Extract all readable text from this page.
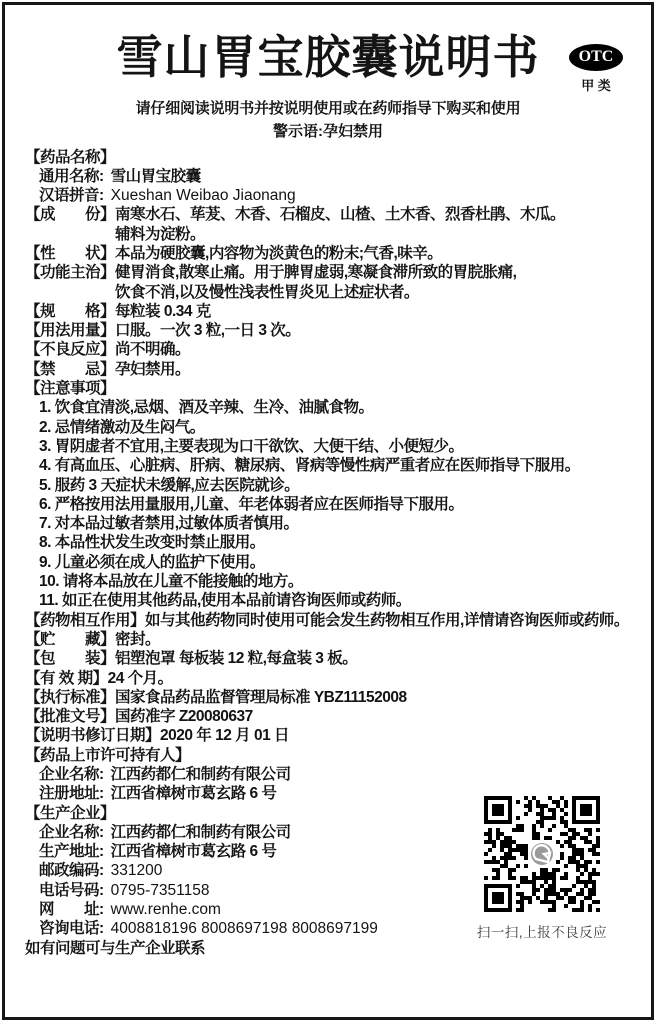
雪山胃宝胶囊说明书	OTC
甲 类
请仔细阅读说明书并按说明使用或在药师指导下购买和使用
警示语:孕妇禁用
【药品名称】
通用名称: 雪山胃宝胶囊
汉语拼音: Xueshan Weibao Jiaonang
【成　　份】 南寒水石、荜茇、木香、石榴皮、山楂、土木香、烈香杜鹃、木瓜。
辅料为淀粉。
【性　　状】 本品为硬胶囊,内容物为淡黄色的粉末;气香,味辛。
【功能主治】 健胃消食,散寒止痛。用于脾胃虚弱,寒凝食滞所致的胃脘胀痛,
饮食不消,以及慢性浅表性胃炎见上述症状者。
【规　　格】 每粒装 0.34 克
【用法用量】 口服。一次 3 粒,一日 3 次。
【不良反应】 尚不明确。
【禁　　忌】 孕妇禁用。
【注意事项】
1. 饮食宜清淡,忌烟、酒及辛辣、生冷、油腻食物。
2. 忌情绪激动及生闷气。
3. 胃阴虚者不宜用,主要表现为口干欲饮、大便干结、小便短少。
4. 有高血压、心脏病、肝病、糖尿病、肾病等慢性病严重者应在医师指导下服用。
5. 服药 3 天症状未缓解,应去医院就诊。
6. 严格按用法用量服用,儿童、年老体弱者应在医师指导下服用。
7. 对本品过敏者禁用,过敏体质者慎用。
8. 本品性状发生改变时禁止服用。
9. 儿童必须在成人的监护下使用。
10. 请将本品放在儿童不能接触的地方。
11. 如正在使用其他药品,使用本品前请咨询医师或药师。
【药物相互作用】 如与其他药物同时使用可能会发生药物相互作用,详情请咨询医师或药师。
【贮　　藏】 密封。
【包　　装】 铝塑泡罩 每板装 12 粒,每盒装 3 板。
【有 效 期】 24 个月。
【执行标准】 国家食品药品监督管理局标准 YBZ11152008
【批准文号】 国药准字 Z20080637
【说明书修订日期】 2020 年 12 月 01 日
【药品上市许可持有人】
企业名称: 江西药都仁和制药有限公司
注册地址: 江西省樟树市葛玄路 6 号
【生产企业】
企业名称: 江西药都仁和制药有限公司
生产地址: 江西省樟树市葛玄路 6 号
邮政编码: 331200
电话号码: 0795-7351158
网　　址: www.renhe.com
咨询电话: 4008818196 8008697198 8008697199
如有问题可与生产企业联系
扫一扫,上报不良反应
